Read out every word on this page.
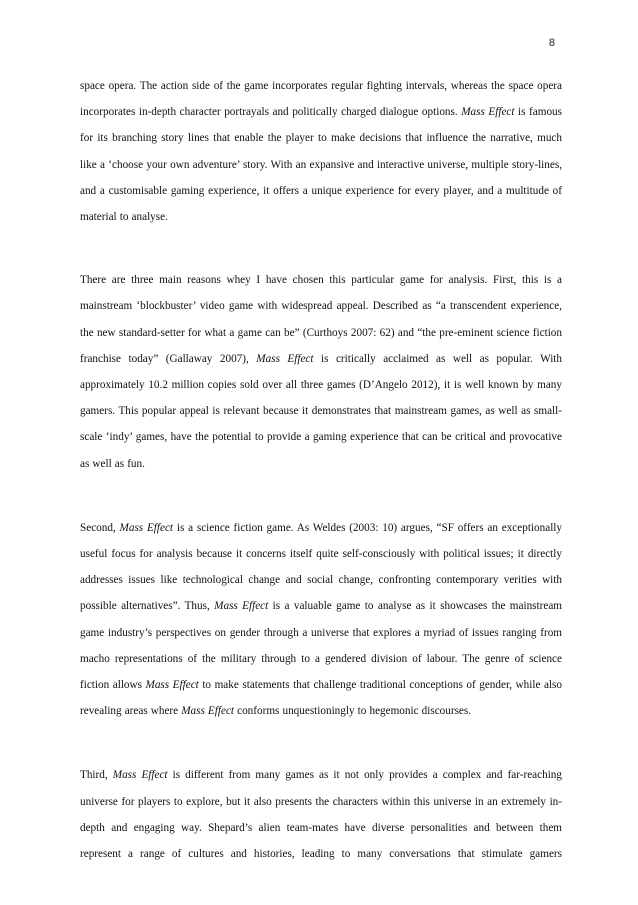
8

space opera. The action side of the game incorporates regular fighting intervals, whereas the space opera incorporates in-depth character portrayals and politically charged dialogue options. Mass Effect is famous for its branching story lines that enable the player to make decisions that influence the narrative, much like a ‘choose your own adventure’ story. With an expansive and interactive universe, multiple story-lines, and a customisable gaming experience, it offers a unique experience for every player, and a multitude of material to analyse.

There are three main reasons whey I have chosen this particular game for analysis. First, this is a mainstream ‘blockbuster’ video game with widespread appeal. Described as “a transcendent experience, the new standard-setter for what a game can be” (Curthoys 2007: 62) and “the pre-eminent science fiction franchise today” (Gallaway 2007), Mass Effect is critically acclaimed as well as popular. With approximately 10.2 million copies sold over all three games (D’Angelo 2012), it is well known by many gamers. This popular appeal is relevant because it demonstrates that mainstream games, as well as small-scale ‘indy’ games, have the potential to provide a gaming experience that can be critical and provocative as well as fun.

Second, Mass Effect is a science fiction game. As Weldes (2003: 10) argues, “SF offers an exceptionally useful focus for analysis because it concerns itself quite self-consciously with political issues; it directly addresses issues like technological change and social change, confronting contemporary verities with possible alternatives”. Thus, Mass Effect is a valuable game to analyse as it showcases the mainstream game industry’s perspectives on gender through a universe that explores a myriad of issues ranging from macho representations of the military through to a gendered division of labour. The genre of science fiction allows Mass Effect to make statements that challenge traditional conceptions of gender, while also revealing areas where Mass Effect conforms unquestioningly to hegemonic discourses.

Third, Mass Effect is different from many games as it not only provides a complex and far-reaching universe for players to explore, but it also presents the characters within this universe in an extremely in-depth and engaging way. Shepard’s alien team-mates have diverse personalities and between them represent a range of cultures and histories, leading to many conversations that stimulate gamers
